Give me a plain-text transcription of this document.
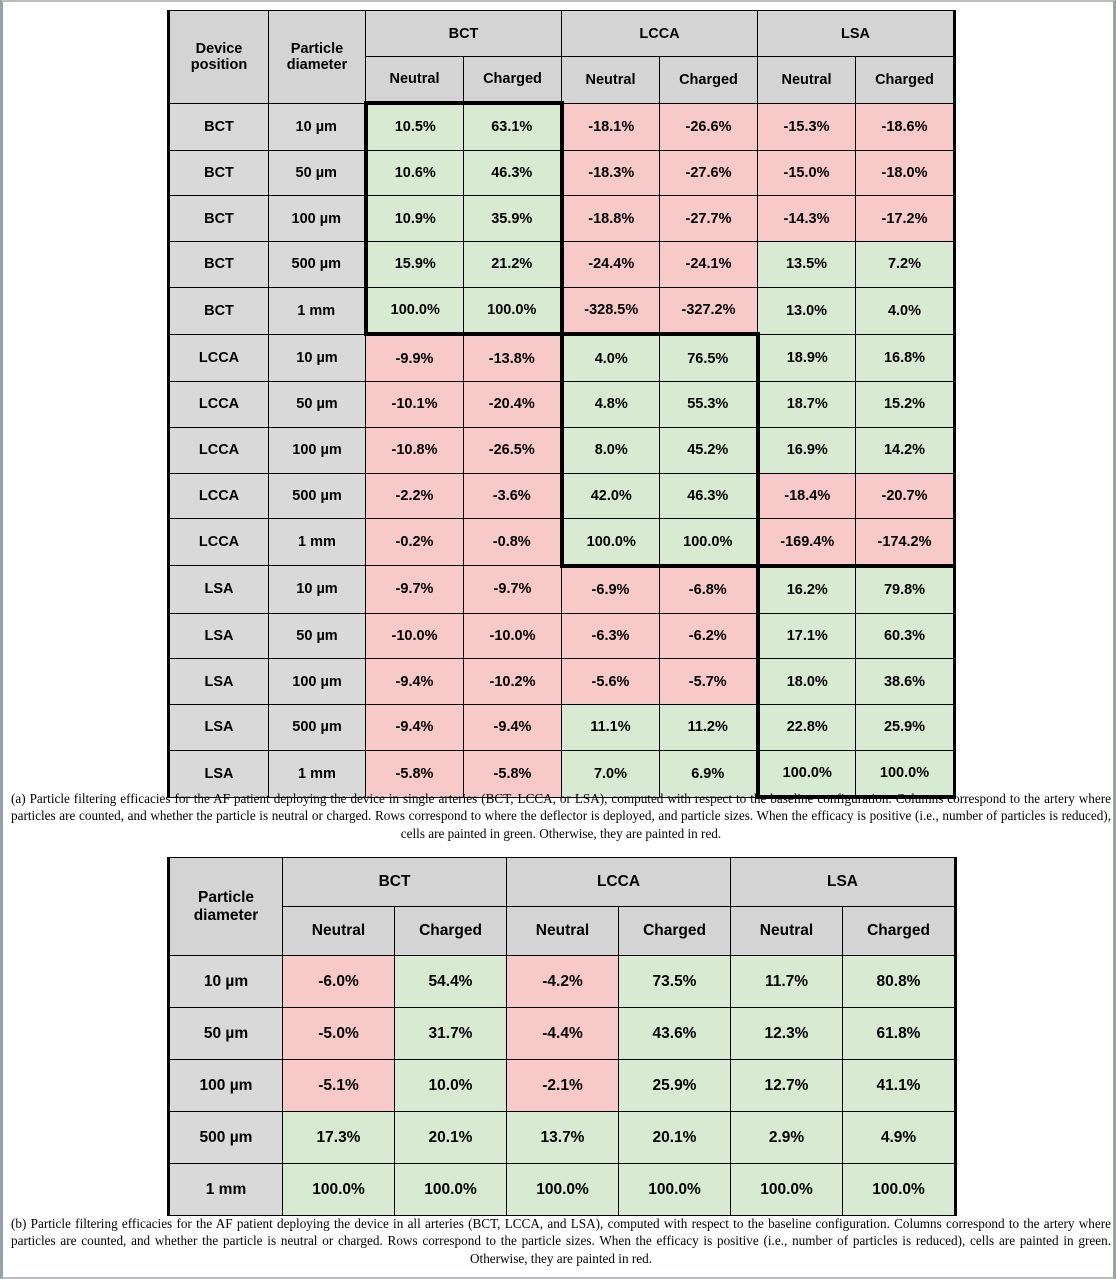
Device position	Particle diameter	BCT		LCCA		LSA	
		Neutral	Charged	Neutral	Charged	Neutral	Charged
BCT	10 µm	10.5%	63.1%	-18.1%	-26.6%	-15.3%	-18.6%
BCT	50 µm	10.6%	46.3%	-18.3%	-27.6%	-15.0%	-18.0%
BCT	100 µm	10.9%	35.9%	-18.8%	-27.7%	-14.3%	-17.2%
BCT	500 µm	15.9%	21.2%	-24.4%	-24.1%	13.5%	7.2%
BCT	1 mm	100.0%	100.0%	-328.5%	-327.2%	13.0%	4.0%
LCCA	10 µm	-9.9%	-13.8%	4.0%	76.5%	18.9%	16.8%
LCCA	50 µm	-10.1%	-20.4%	4.8%	55.3%	18.7%	15.2%
LCCA	100 µm	-10.8%	-26.5%	8.0%	45.2%	16.9%	14.2%
LCCA	500 µm	-2.2%	-3.6%	42.0%	46.3%	-18.4%	-20.7%
LCCA	1 mm	-0.2%	-0.8%	100.0%	100.0%	-169.4%	-174.2%
LSA	10 µm	-9.7%	-9.7%	-6.9%	-6.8%	16.2%	79.8%
LSA	50 µm	-10.0%	-10.0%	-6.3%	-6.2%	17.1%	60.3%
LSA	100 µm	-9.4%	-10.2%	-5.6%	-5.7%	18.0%	38.6%
LSA	500 µm	-9.4%	-9.4%	11.1%	11.2%	22.8%	25.9%
LSA	1 mm	-5.8%	-5.8%	7.0%	6.9%	100.0%	100.0%
(a) Particle filtering efficacies for the AF patient deploying the device in single arteries (BCT, LCCA, or LSA), computed with respect to the baseline configuration. Columns correspond to the artery where particles are counted, and whether the particle is neutral or charged. Rows correspond to where the deflector is deployed, and particle sizes. When the efficacy is positive (i.e., number of particles is reduced), cells are painted in green. Otherwise, they are painted in red.
Particle diameter	BCT		LCCA		LSA	
	Neutral	Charged	Neutral	Charged	Neutral	Charged
10 µm	-6.0%	54.4%	-4.2%	73.5%	11.7%	80.8%
50 µm	-5.0%	31.7%	-4.4%	43.6%	12.3%	61.8%
100 µm	-5.1%	10.0%	-2.1%	25.9%	12.7%	41.1%
500 µm	17.3%	20.1%	13.7%	20.1%	2.9%	4.9%
1 mm	100.0%	100.0%	100.0%	100.0%	100.0%	100.0%
(b) Particle filtering efficacies for the AF patient deploying the device in all arteries (BCT, LCCA, and LSA), computed with respect to the baseline configuration. Columns correspond to the artery where particles are counted, and whether the particle is neutral or charged. Rows correspond to the particle sizes. When the efficacy is positive (i.e., number of particles is reduced), cells are painted in green. Otherwise, they are painted in red.
